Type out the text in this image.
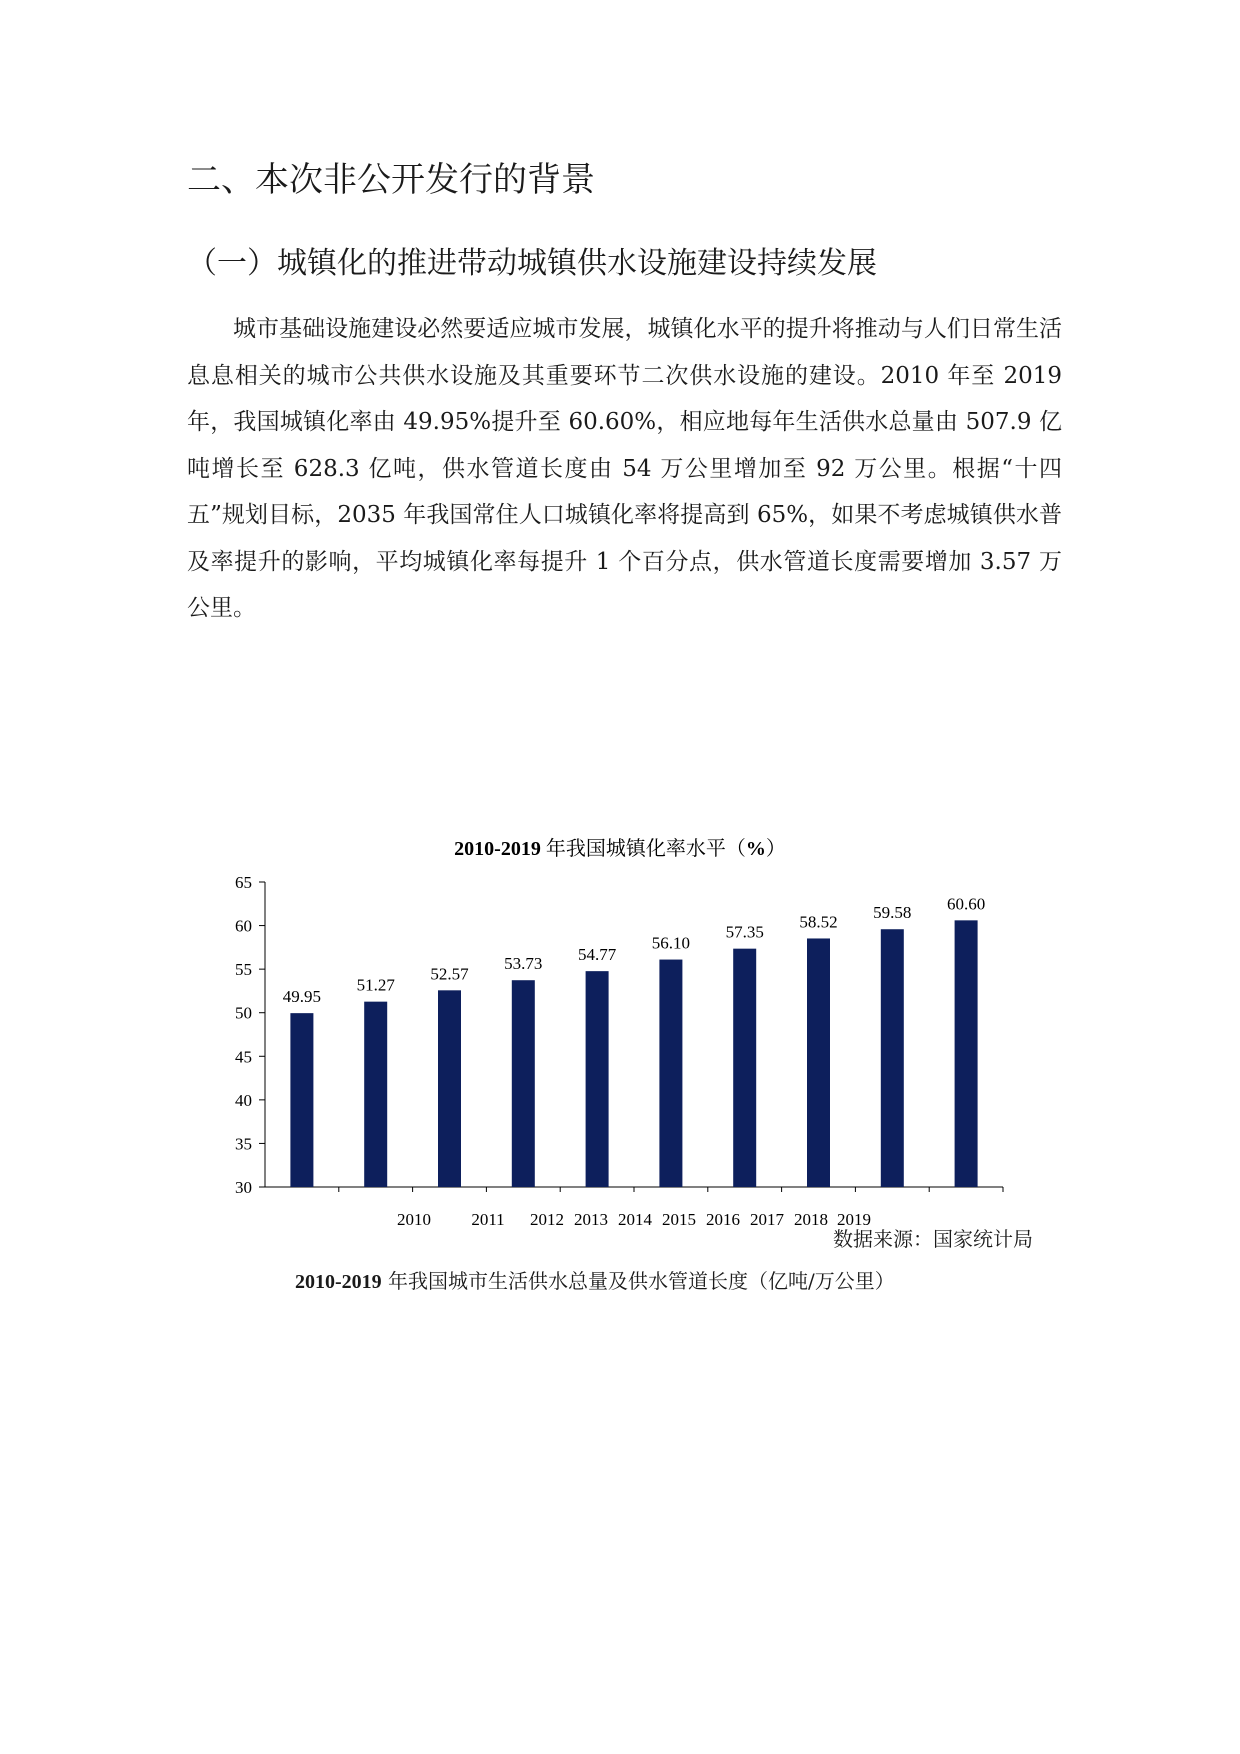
二、本次非公开发行的背景
（一）城镇化的推进带动城镇供水设施建设持续发展

城市基础设施建设必然要适应城市发展，城镇化水平的提升将推动与人们日常生活息息相关的城市公共供水设施及其重要环节二次供水设施的建设。2010 年至 2019 年，我国城镇化率由 49.95%提升至 60.60%，相应地每年生活供水总量由 507.9 亿吨增长至 628.3 亿吨，供水管道长度由 54 万公里增加至 92 万公里。根据“十四五”规划目标，2035 年我国常住人口城镇化率将提高到 65%，如果不考虑城镇供水普及率提升的影响，平均城镇化率每提升 1 个百分点，供水管道长度需要增加 3.57 万公里。

2010-2019 年我国城镇化率水平（%）
30
35
40
45
50
55
60
65
49.95
51.27
52.57
53.73 54.77
56.10
57.35
58.52 59.58 60.60
2010 2011 2012 2013 2014 2015 2016 2017 2018 2019
数据来源：国家统计局
2010-2019 年我国城市生活供水总量及供水管道长度（亿吨/万公里）
